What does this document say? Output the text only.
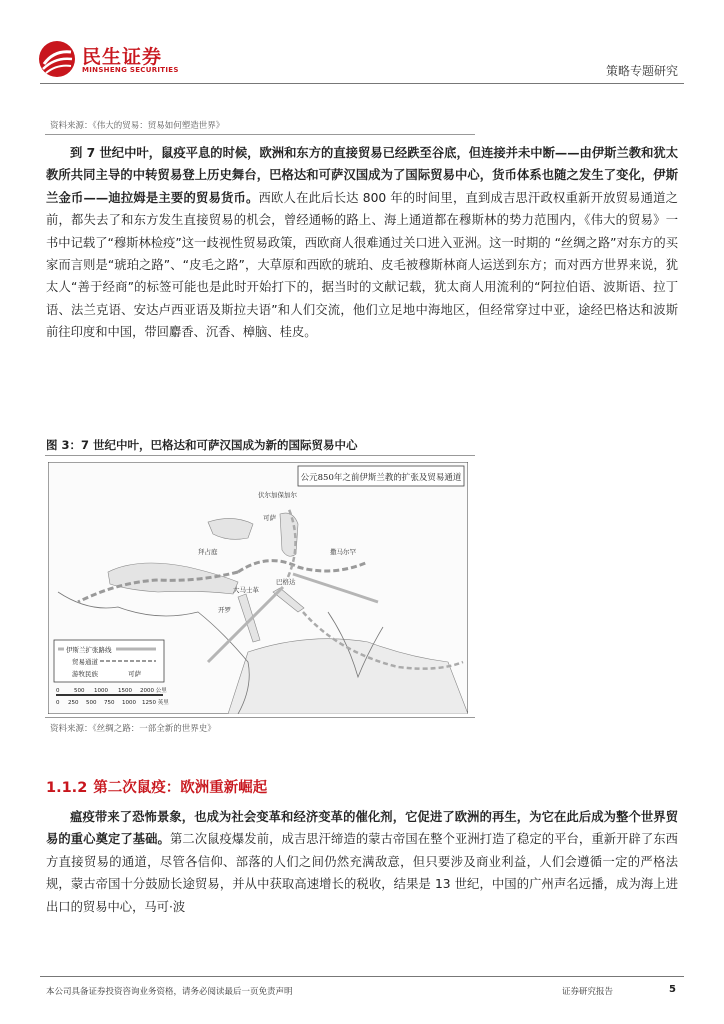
民生证券
MINSHENG SECURITIES	策略专题研究
资料来源：《伟大的贸易：贸易如何塑造世界》
到 7 世纪中叶，鼠疫平息的时候，欧洲和东方的直接贸易已经跌至谷底，但连接并未中断——由伊斯兰教和犹太教所共同主导的中转贸易登上历史舞台，巴格达和可萨汉国成为了国际贸易中心，货币体系也随之发生了变化，伊斯兰金币——迪拉姆是主要的贸易货币。西欧人在此后长达 800 年的时间里，直到成吉思汗政权重新开放贸易通道之前，都失去了和东方发生直接贸易的机会，曾经通畅的路上、海上通道都在穆斯林的势力范围内，《伟大的贸易》一书中记载了“穆斯林检疫”这一歧视性贸易政策，西欧商人很难通过关口进入亚洲。这一时期的 “丝绸之路”对东方的买家而言则是“琥珀之路”、“皮毛之路”，大草原和西欧的琥珀、皮毛被穆斯林商人运送到东方；而对西方世界来说，犹太人“善于经商”的标签可能也是此时开始打下的，据当时的文献记载，犹太商人用流利的“阿拉伯语、波斯语、拉丁语、法兰克语、安达卢西亚语及斯拉夫语”和人们交流，他们立足地中海地区，但经常穿过中亚，途经巴格达和波斯前往印度和中国，带回麝香、沉香、樟脑、桂皮。
图 3：7 世纪中叶，巴格达和可萨汉国成为新的国际贸易中心
公元850年之前伊斯兰教的扩张及贸易通道
伏尔加保加尔
可萨
巴格达
撒马尔罕
拜占庭
大马士革
开罗
伊斯兰扩张路线
贸易通道
游牧民族	可萨
0	500 1000 1500 2000 公里
0 250 500 750 1000 1250 英里
资料来源：《丝绸之路：一部全新的世界史》
1.1.2 第二次鼠疫：欧洲重新崛起
瘟疫带来了恐怖景象，也成为社会变革和经济变革的催化剂，它促进了欧洲的再生，为它在此后成为整个世界贸易的重心奠定了基础。第二次鼠疫爆发前，成吉思汗缔造的蒙古帝国在整个亚洲打造了稳定的平台，重新开辟了东西方直接贸易的通道，尽管各信仰、部落的人们之间仍然充满敌意，但只要涉及商业利益，人们会遵循一定的严格法规，蒙古帝国十分鼓励长途贸易，并从中获取高速增长的税收，结果是 13 世纪，中国的广州声名远播，成为海上进出口的贸易中心，马可·波
本公司具备证券投资咨询业务资格，请务必阅读最后一页免责声明	证券研究报告	5
